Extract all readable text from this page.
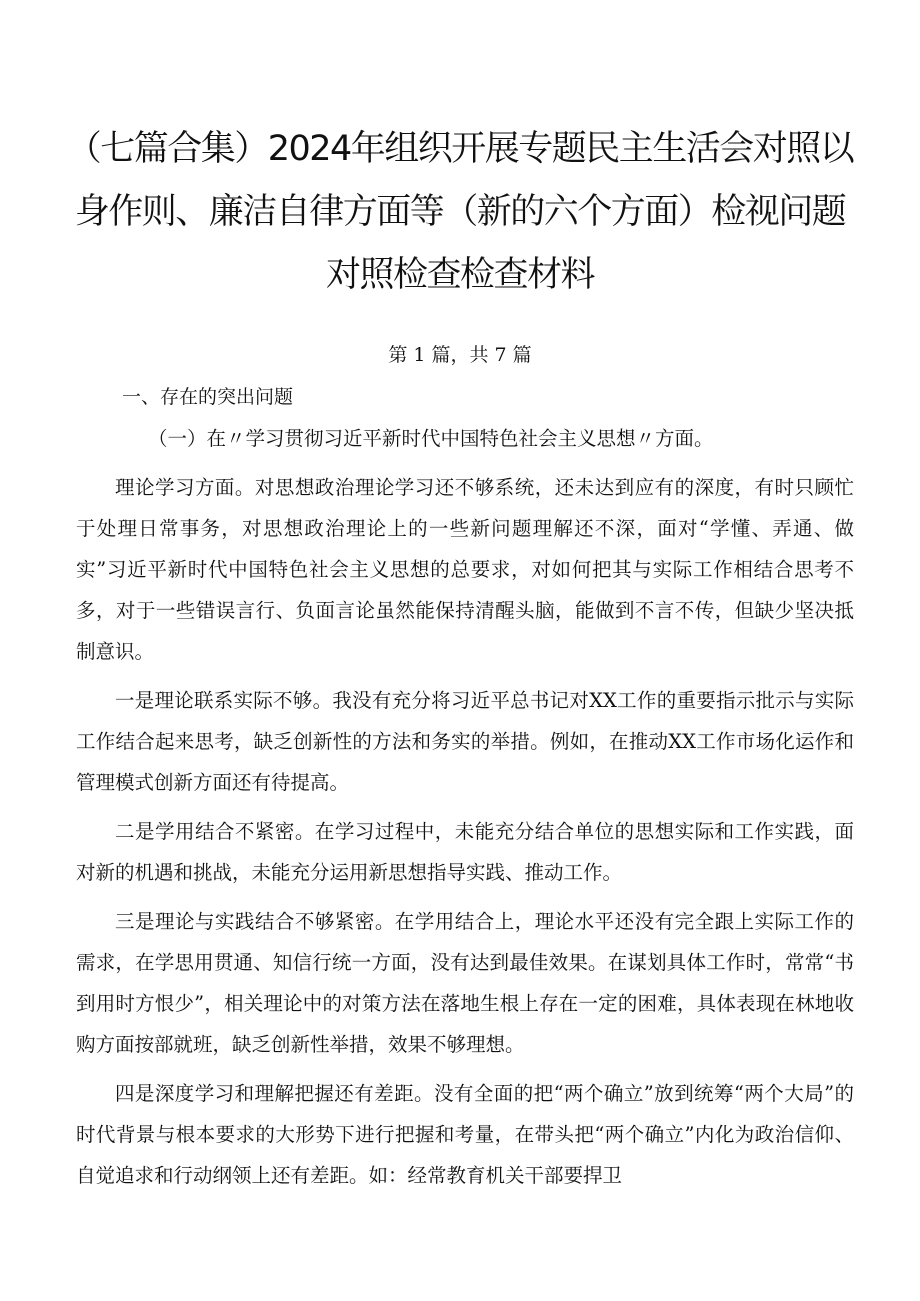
（七篇合集）2024年组织开展专题民主生活会对照以身作则、廉洁自律方面等（新的六个方面）检视问题对照检查检查材料
第 1 篇，共 7 篇
一、存在的突出问题

（一）在〃学习贯彻习近平新时代中国特色社会主义思想〃方面。

理论学习方面。对思想政治理论学习还不够系统，还未达到应有的深度，有时只顾忙于处理日常事务，对思想政治理论上的一些新问题理解还不深，面对“学懂、弄通、做实”习近平新时代中国特色社会主义思想的总要求，对如何把其与实际工作相结合思考不多，对于一些错误言行、负面言论虽然能保持清醒头脑，能做到不言不传，但缺少坚决抵制意识。

一是理论联系实际不够。我没有充分将习近平总书记对XX工作的重要指示批示与实际工作结合起来思考，缺乏创新性的方法和务实的举措。例如，在推动XX工作市场化运作和管理模式创新方面还有待提高。

二是学用结合不紧密。在学习过程中，未能充分结合单位的思想实际和工作实践，面对新的机遇和挑战，未能充分运用新思想指导实践、推动工作。

三是理论与实践结合不够紧密。在学用结合上，理论水平还没有完全跟上实际工作的需求，在学思用贯通、知信行统一方面，没有达到最佳效果。在谋划具体工作时，常常“书到用时方恨少”，相关理论中的对策方法在落地生根上存在一定的困难，具体表现在林地收购方面按部就班，缺乏创新性举措，效果不够理想。

四是深度学习和理解把握还有差距。没有全面的把“两个确立”放到统筹“两个大局”的时代背景与根本要求的大形势下进行把握和考量，在带头把“两个确立”内化为政治信仰、自觉追求和行动纲领上还有差距。如：经常教育机关干部要捍卫
